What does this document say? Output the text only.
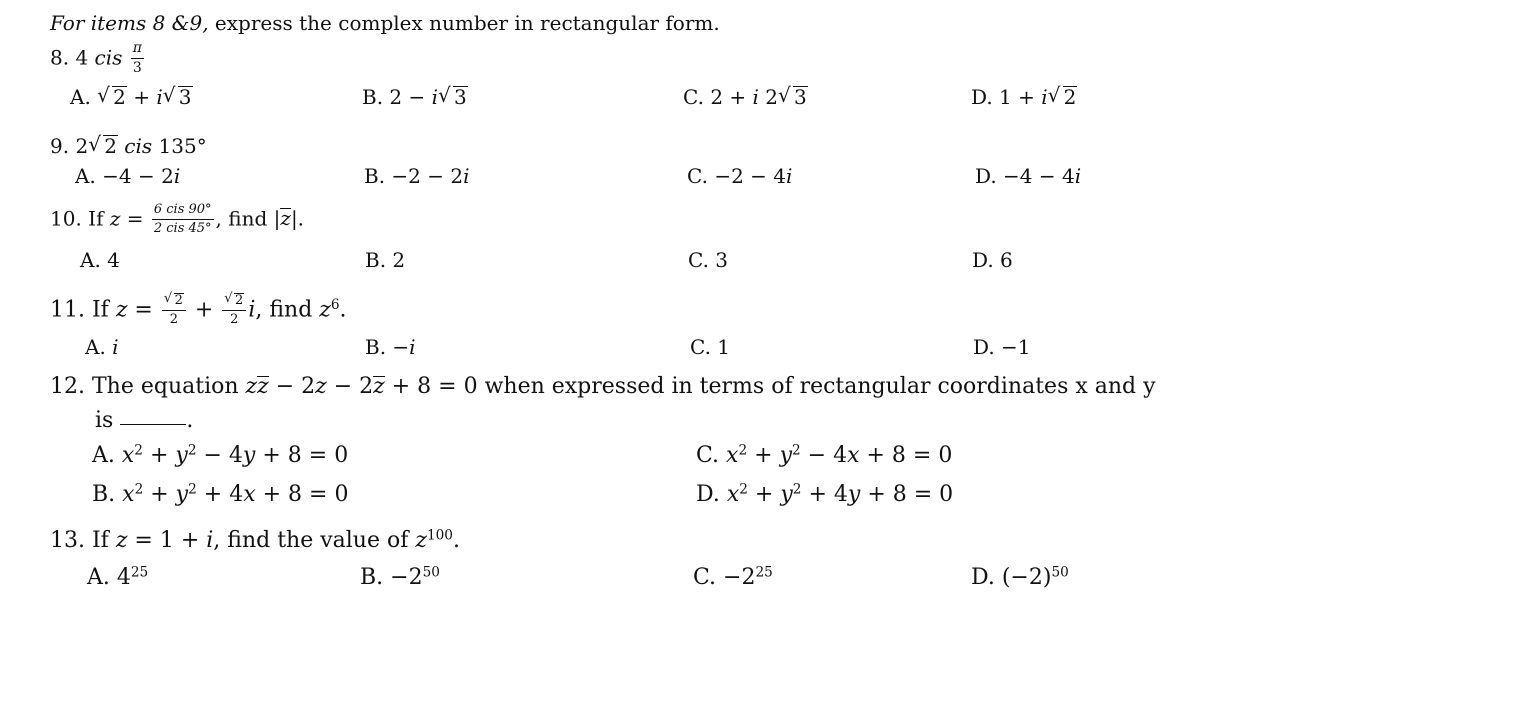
For items 8 &9, express the complex number in rectangular form.
8. 4 cis $\frac{\pi}{3}$
A. √ 2 + i √ 3	B. 2 − i √ 3	C. 2 + i 2 √ 3	D. 1 + i √ 2
9. 2 √ 2 cis 135°
A. −4 − 2i	B. −2 − 2i	C. −2 − 4i	D. −4 − 4i
10. If $z = \frac{\text{6 cis 90°}}{\text{2 cis 45°}}$ , find |z|.
A. 4	B. 2	C. 3	D. 6
11. If z = √ $\frac{2}{2}$ + √ $\frac{2}{2} i$, find $z^6$.
A. i	B. −i	C. 1	D. −1
12. The equation zz − 2z − 2z + 8 = 0 when expressed in terms of rectangular coordinates x and y
is	.
A. $x^2 + y^2 - 4y + 8 = 0$
B. $x^2 + y^2 + 4x + 8 = 0$
C. $x^2 + y^2 - 4x + 8 = 0$
D. $x^2 + y^2 + 4y + 8 = 0$
13. If z = 1 + i, find the value of $z^{100}$.
A. $4^{25}$	B. $-2^{50}$	C. $-2^{25}$	D. $(-2)^{50}$
